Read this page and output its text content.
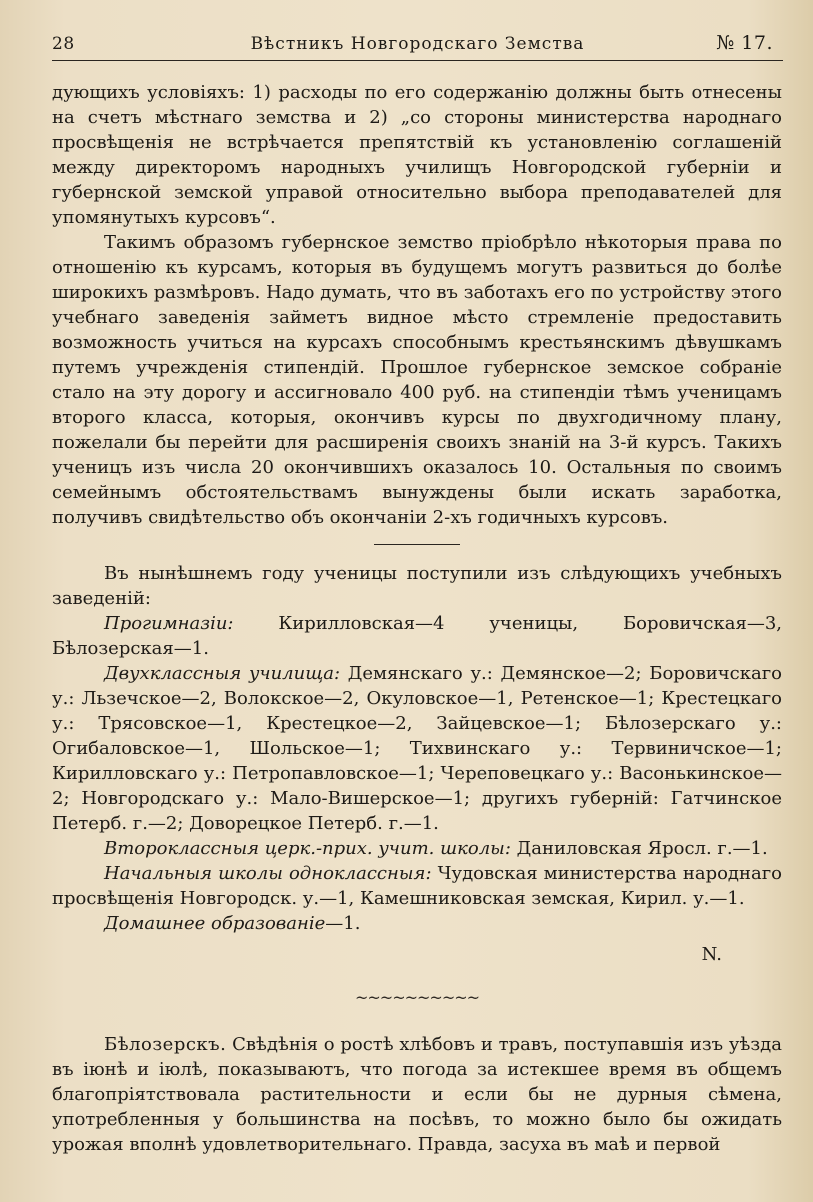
28	Вѣстникъ Новгородскаго Земства	№ 17.

дующихъ условіяхъ: 1) расходы по его содержанію должны быть отнесены на счетъ мѣстнаго земства и 2) „со стороны министерства народнаго просвѣщенія не встрѣчается препятствій къ установленію соглашеній между директоромъ народныхъ училищъ Новгородской губерніи и губернской земской управой относительно выбора преподавателей для упомянутыхъ курсовъ“.

Такимъ образомъ губернское земство пріобрѣло нѣкоторыя права по отношенію къ курсамъ, которыя въ будущемъ могутъ развиться до болѣе широкихъ размѣровъ. Надо думать, что въ заботахъ его по устройству этого учебнаго заведенія займетъ видное мѣсто стремленіе предоставить возможность учиться на курсахъ способнымъ крестьянскимъ дѣвушкамъ путемъ учрежденія стипендій. Прошлое губернское земское собраніе стало на эту дорогу и ассигновало 400 руб. на стипендіи тѣмъ ученицамъ второго класса, которыя, окончивъ курсы по двухгодичному плану, пожелали бы перейти для расширенія своихъ знаній на 3-й курсъ. Такихъ ученицъ изъ числа 20 окончившихъ оказалось 10. Остальныя по своимъ семейнымъ обстоятельствамъ вынуждены были искать заработка, получивъ свидѣтельство объ окончаніи 2-хъ годичныхъ курсовъ.

Въ нынѣшнемъ году ученицы поступили изъ слѣдующихъ учебныхъ заведеній:

Прогимназіи: Кирилловская—4 ученицы, Боровичская—3, Бѣлозерская—1.

Двухклассныя училища: Демянскаго у.: Демянское—2; Боровичскаго у.: Льзечское—2, Волокское—2, Окуловское—1, Ретенское—1; Крестецкаго у.: Трясовское—1, Крестецкое—2, Зайцевское—1; Бѣлозерскаго у.: Огибаловское—1, Шольское—1; Тихвинскаго у.: Тервиничское—1; Кирилловскаго у.: Петропавловское—1; Череповецкаго у.: Васонькинское—2; Новгородскаго у.: Мало-Вишерское—1; другихъ губерній: Гатчинское Петерб. г.—2; Доворецкое Петерб. г.—1.

Второклассныя церк.-прих. учит. школы: Даниловская Яросл. г.—1.

Начальныя школы одноклассныя: Чудовская министерства народнаго просвѣщенія Новгородск. у.—1, Камешниковская земская, Кирил. у.—1.

Домашнее образованіе—1.

N.

~~~~~~~~~~

Бѣлозерскъ. Свѣдѣнія о ростѣ хлѣбовъ и травъ, поступавшія изъ уѣзда въ іюнѣ и іюлѣ, показываютъ, что погода за истекшее время въ общемъ благопріятствовала растительности и если бы не дурныя сѣмена, употребленныя у большинства на посѣвъ, то можно было бы ожидать урожая вполнѣ удовлетворительнаго. Правда, засуха въ маѣ и первой
